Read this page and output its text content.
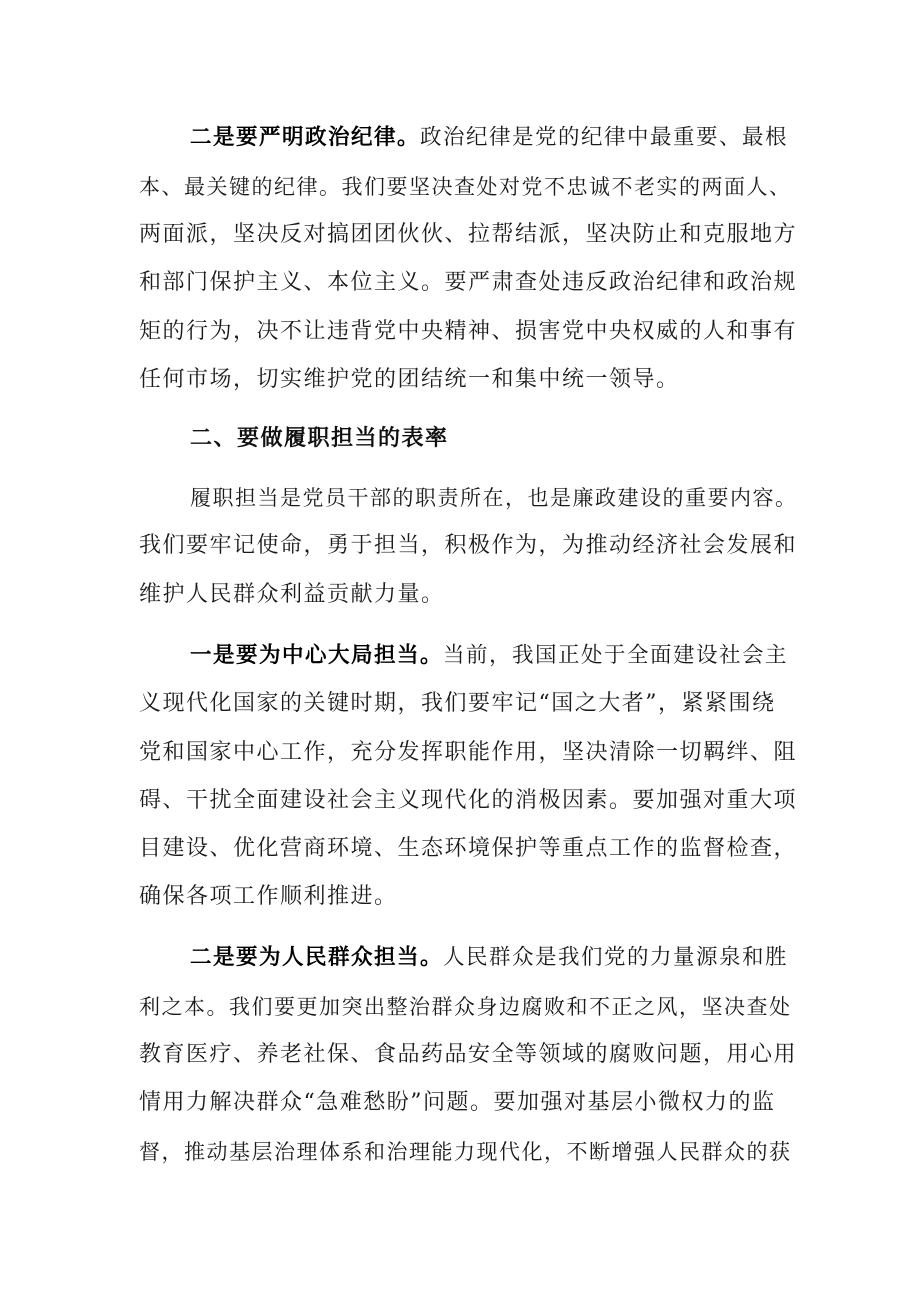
二是要严明政治纪律。政治纪律是党的纪律中最重要、最根
本、最关键的纪律。我们要坚决查处对党不忠诚不老实的两面人、
两面派，坚决反对搞团团伙伙、拉帮结派，坚决防止和克服地方
和部门保护主义、本位主义。要严肃查处违反政治纪律和政治规
矩的行为，决不让违背党中央精神、损害党中央权威的人和事有
任何市场，切实维护党的团结统一和集中统一领导。
二、要做履职担当的表率
履职担当是党员干部的职责所在，也是廉政建设的重要内容。
我们要牢记使命，勇于担当，积极作为，为推动经济社会发展和
维护人民群众利益贡献力量。
一是要为中心大局担当。当前，我国正处于全面建设社会主
义现代化国家的关键时期，我们要牢记“国之大者”，紧紧围绕
党和国家中心工作，充分发挥职能作用，坚决清除一切羁绊、阻
碍、干扰全面建设社会主义现代化的消极因素。要加强对重大项
目建设、优化营商环境、生态环境保护等重点工作的监督检查，
确保各项工作顺利推进。
二是要为人民群众担当。人民群众是我们党的力量源泉和胜
利之本。我们要更加突出整治群众身边腐败和不正之风，坚决查处
教育医疗、养老社保、食品药品安全等领域的腐败问题，用心用
情用力解决群众“急难愁盼”问题。要加强对基层小微权力的监
督，推动基层治理体系和治理能力现代化，不断增强人民群众的获
